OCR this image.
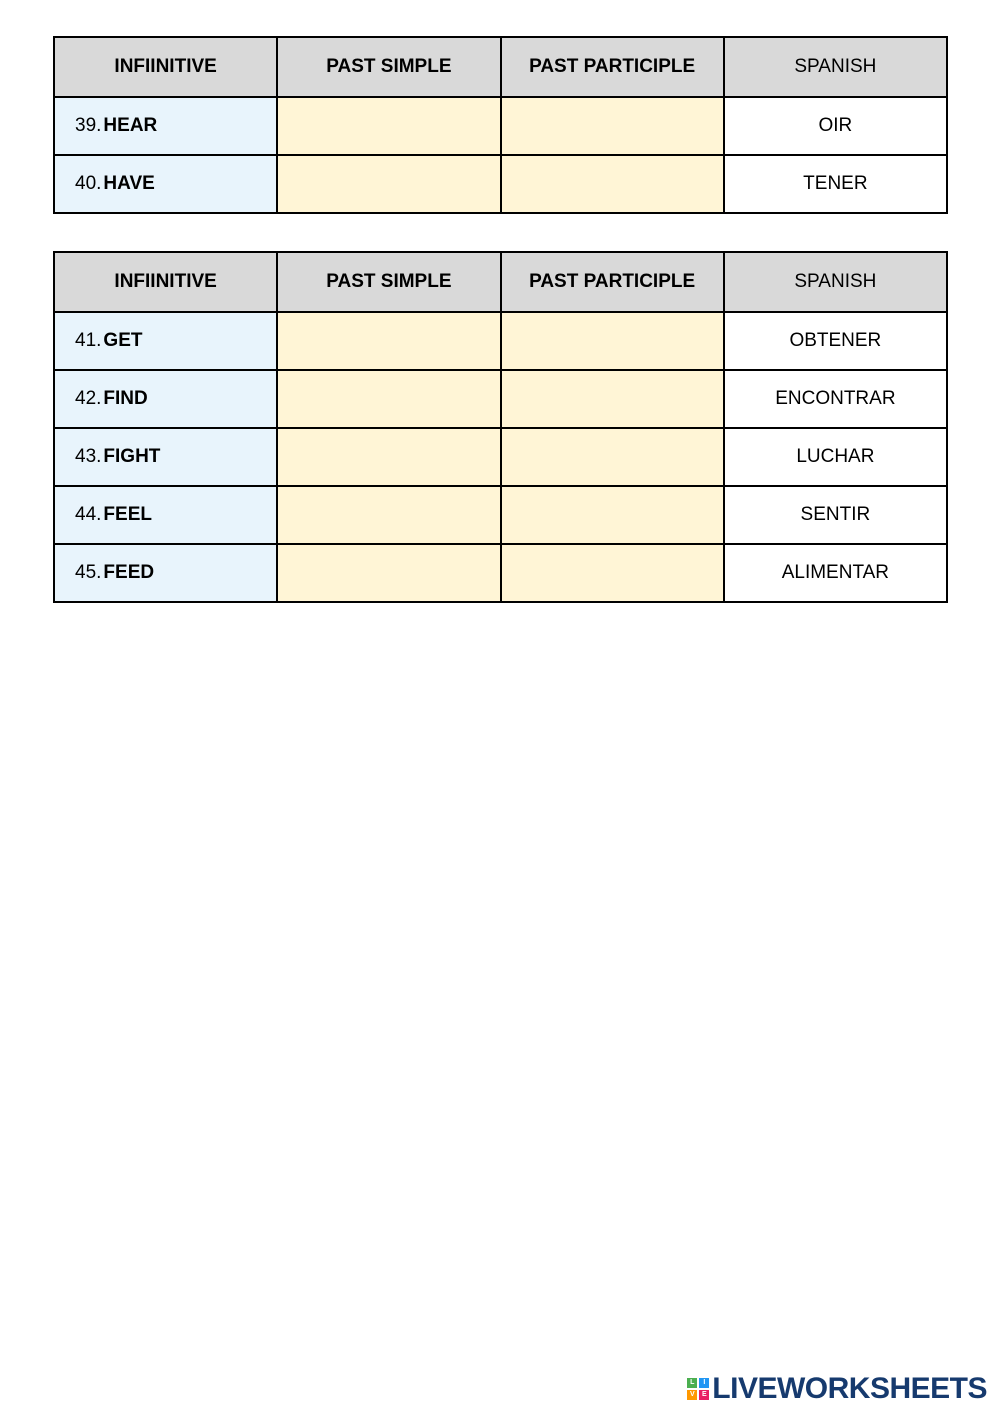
INFIINITIVE	PAST SIMPLE	PAST PARTICIPLE	SPANISH
39. HEAR			OIR
40. HAVE			TENER
INFIINITIVE	PAST SIMPLE	PAST PARTICIPLE	SPANISH
41. GET			OBTENER
42. FIND			ENCONTRAR
43. FIGHT			LUCHAR
44. FEEL			SENTIR
45. FEED			ALIMENTAR
L	I
V	E LIVEWORKSHEETS
